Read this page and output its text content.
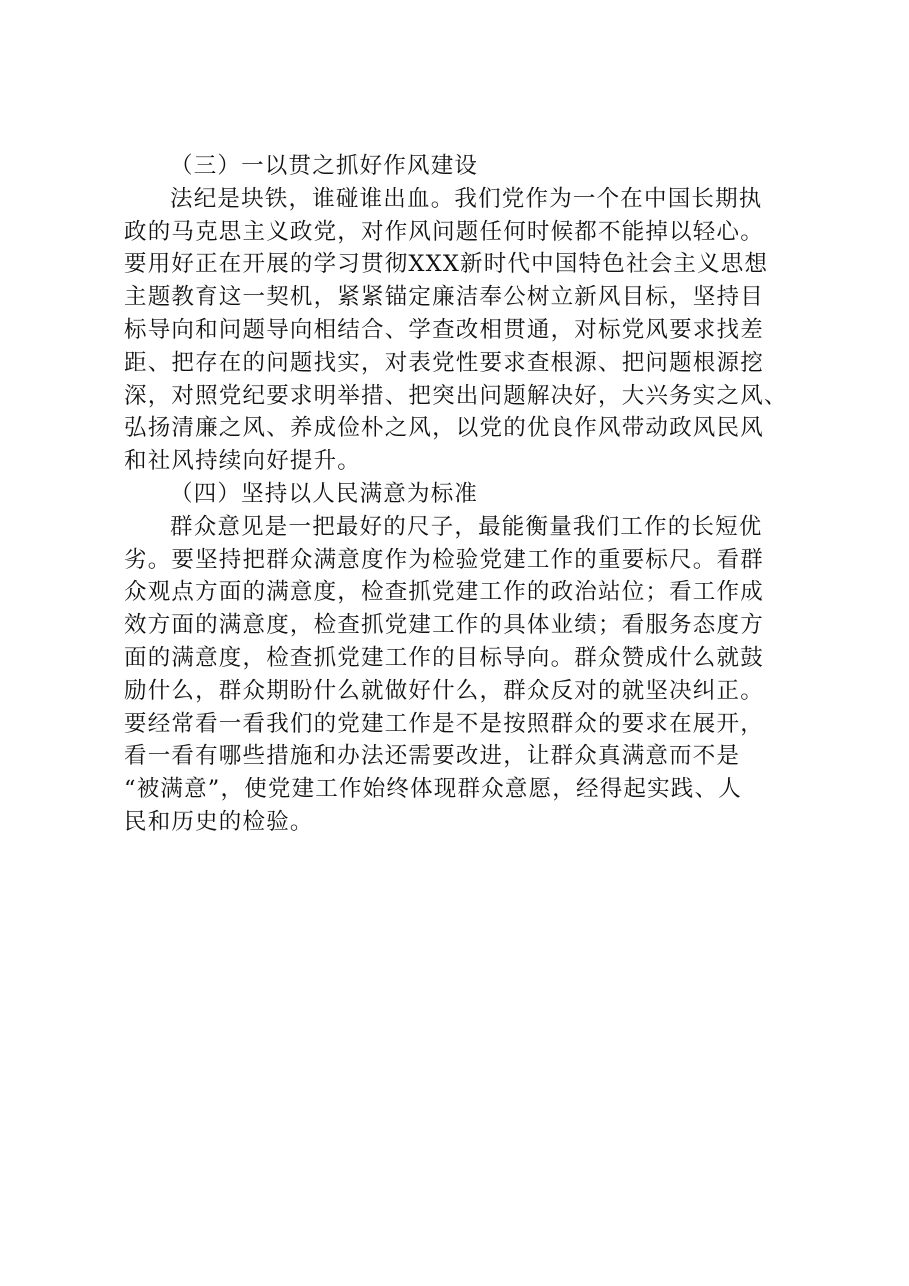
（三）一以贯之抓好作风建设
法纪是块铁，谁碰谁出血。我们党作为一个在中国长期执
政的马克思主义政党，对作风问题任何时候都不能掉以轻心。
要用好正在开展的学习贯彻XXX新时代中国特色社会主义思想
主题教育这一契机，紧紧锚定廉洁奉公树立新风目标，坚持目
标导向和问题导向相结合、学查改相贯通，对标党风要求找差
距、把存在的问题找实，对表党性要求查根源、把问题根源挖
深，对照党纪要求明举措、把突出问题解决好，大兴务实之风、
弘扬清廉之风、养成俭朴之风，以党的优良作风带动政风民风
和社风持续向好提升。
（四）坚持以人民满意为标准
群众意见是一把最好的尺子，最能衡量我们工作的长短优
劣。要坚持把群众满意度作为检验党建工作的重要标尺。看群
众观点方面的满意度，检查抓党建工作的政治站位；看工作成
效方面的满意度，检查抓党建工作的具体业绩；看服务态度方
面的满意度，检查抓党建工作的目标导向。群众赞成什么就鼓
励什么，群众期盼什么就做好什么，群众反对的就坚决纠正。
要经常看一看我们的党建工作是不是按照群众的要求在展开，
看一看有哪些措施和办法还需要改进，让群众真满意而不是
“被满意”，使党建工作始终体现群众意愿，经得起实践、人
民和历史的检验。
